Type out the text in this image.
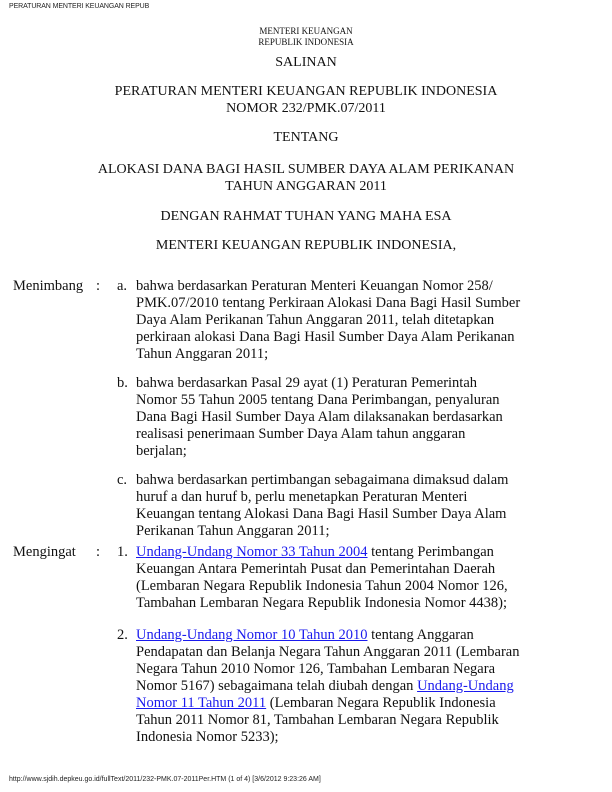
PERATURAN MENTERI KEUANGAN REPUB
MENTERI KEUANGAN
REPUBLIK INDONESIA
SALINAN
PERATURAN MENTERI KEUANGAN REPUBLIK INDONESIA
NOMOR 232/PMK.07/2011
TENTANG
ALOKASI DANA BAGI HASIL SUMBER DAYA ALAM PERIKANAN
TAHUN ANGGARAN 2011
DENGAN RAHMAT TUHAN YANG MAHA ESA
MENTERI KEUANGAN REPUBLIK INDONESIA,
Menimbang : a. bahwa berdasarkan Peraturan Menteri Keuangan Nomor 258/
PMK.07/2010 tentang Perkiraan Alokasi Dana Bagi Hasil Sumber
Daya Alam Perikanan Tahun Anggaran 2011, telah ditetapkan
perkiraan alokasi Dana Bagi Hasil Sumber Daya Alam Perikanan
Tahun Anggaran 2011;
b. bahwa berdasarkan Pasal 29 ayat (1) Peraturan Pemerintah
Nomor 55 Tahun 2005 tentang Dana Perimbangan, penyaluran
Dana Bagi Hasil Sumber Daya Alam dilaksanakan berdasarkan
realisasi penerimaan Sumber Daya Alam tahun anggaran
berjalan;
c. bahwa berdasarkan pertimbangan sebagaimana dimaksud dalam
huruf a dan huruf b, perlu menetapkan Peraturan Menteri
Keuangan tentang Alokasi Dana Bagi Hasil Sumber Daya Alam
Perikanan Tahun Anggaran 2011;
Mengingat : 1. Undang-Undang Nomor 33 Tahun 2004 tentang Perimbangan
Keuangan Antara Pemerintah Pusat dan Pemerintahan Daerah
(Lembaran Negara Republik Indonesia Tahun 2004 Nomor 126,
Tambahan Lembaran Negara Republik Indonesia Nomor 4438);
2. Undang-Undang Nomor 10 Tahun 2010 tentang Anggaran
Pendapatan dan Belanja Negara Tahun Anggaran 2011 (Lembaran
Negara Tahun 2010 Nomor 126, Tambahan Lembaran Negara
Nomor 5167) sebagaimana telah diubah dengan Undang-Undang
Nomor 11 Tahun 2011 (Lembaran Negara Republik Indonesia
Tahun 2011 Nomor 81, Tambahan Lembaran Negara Republik
Indonesia Nomor 5233);
http://www.sjdih.depkeu.go.id/fullText/2011/232-PMK.07-2011Per.HTM (1 of 4) [3/6/2012 9:23:26 AM]
